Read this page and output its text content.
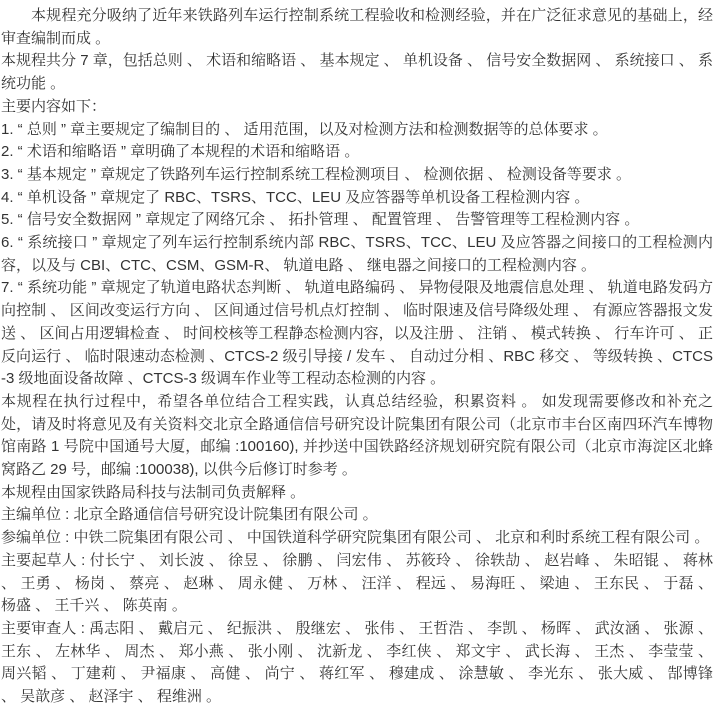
本规程充分吸纳了近年来铁路列车运行控制系统工程验收和检测经验，并在广泛征求意见的基础上，经审查编制而成 。

本规程共分 7 章，包括总则 、 术语和缩略语 、 基本规定 、 单机设备 、 信号安全数据网 、 系统接口 、 系统功能 。

主要内容如下：

1. “ 总则 ” 章主要规定了编制目的 、 适用范围，以及对检测方法和检测数据等的总体要求 。

2. “ 术语和缩略语 ” 章明确了本规程的术语和缩略语 。

3. “ 基本规定 ” 章规定了铁路列车运行控制系统工程检测项目 、 检测依据 、 检测设备等要求 。

4. “ 单机设备 ” 章规定了 RBC、TSRS、TCC、LEU 及应答器等单机设备工程检测内容 。

5. “ 信号安全数据网 ” 章规定了网络冗余 、 拓扑管理 、 配置管理 、 告警管理等工程检测内容 。

6. “ 系统接口 ” 章规定了列车运行控制系统内部 RBC、TSRS、TCC、LEU 及应答器之间接口的工程检测内容，以及与 CBI、CTC、CSM、GSM-R、 轨道电路 、 继电器之间接口的工程检测内容 。

7. “ 系统功能 ” 章规定了轨道电路状态判断 、 轨道电路编码 、 异物侵限及地震信息处理 、 轨道电路发码方向控制 、 区间改变运行方向 、 区间通过信号机点灯控制 、 临时限速及信号降级处理 、 有源应答器报文发送 、 区间占用逻辑检查 、 时间校核等工程静态检测内容，以及注册 、 注销 、 模式转换 、 行车许可 、 正反向运行 、 临时限速动态检测 、CTCS-2 级引导接 / 发车 、 自动过分相 、RBC 移交 、 等级转换 、CTCS-3 级地面设备故障 、CTCS-3 级调车作业等工程动态检测的内容 。

本规程在执行过程中，希望各单位结合工程实践，认真总结经验，积累资料 。 如发现需要修改和补充之处，请及时将意见及有关资料交北京全路通信信号研究设计院集团有限公司（北京市丰台区南四环汽车博物馆南路 1 号院中国通号大厦，邮编 :100160), 并抄送中国铁路经济规划研究院有限公司（北京市海淀区北蜂窝路乙 29 号，邮编 :100038), 以供今后修订时参考 。

本规程由国家铁路局科技与法制司负责解释 。

主编单位 : 北京全路通信信号研究设计院集团有限公司 。

参编单位 : 中铁二院集团有限公司 、 中国铁道科学研究院集团有限公司 、 北京和利时系统工程有限公司 。

主要起草人 : 付长宁 、 刘长波 、 徐昱 、 徐鹏 、 闫宏伟 、 苏筱玲 、 徐轶劼 、 赵岩峰 、 朱昭锟 、 蒋林 、 王勇 、 杨岗 、 蔡亮 、 赵琳 、 周永健 、 万林 、 汪洋 、 程远 、 易海旺 、 梁迪 、 王东民 、 于磊 、 杨盛 、 王千兴 、 陈英南 。

主要审查人 : 禹志阳 、 戴启元 、 纪振洪 、 殷继宏 、 张伟 、 王哲浩 、 李凯 、 杨晖 、 武汝涵 、 张源 、 王东 、 左林华 、 周杰 、 郑小燕 、 张小刚 、 沈新龙 、 李红侠 、 郑文宇 、 武长海 、 王杰 、 李莹莹 、 周兴韬 、 丁建莉 、 尹福康 、 高健 、 尚宁 、 蒋红军 、 穆建成 、 涂慧敏 、 李光东 、 张大威 、 郜博锋 、 吴歆彦 、 赵泽宇 、 程维洲 。
